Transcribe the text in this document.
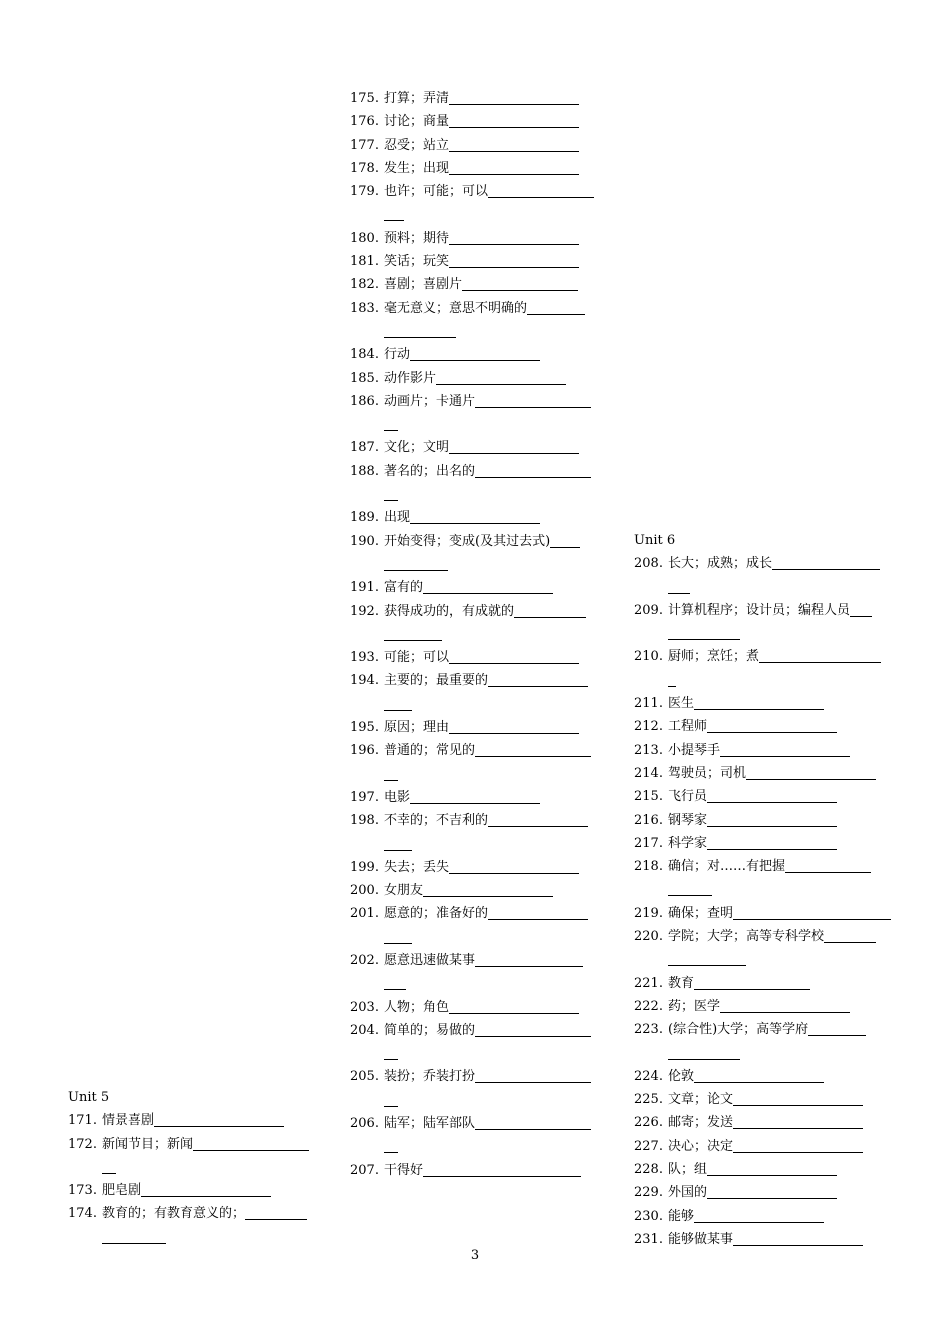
Unit 5
171. 情景喜剧
172. 新闻节目；新闻
173. 肥皂剧
174. 教育的；有教育意义的；
175. 打算；弄清
176. 讨论；商量
177. 忍受；站立
178. 发生；出现
179. 也许；可能；可以
180. 预料；期待
181. 笑话；玩笑
182. 喜剧；喜剧片
183. 毫无意义；意思不明确的
184. 行动
185. 动作影片
186. 动画片；卡通片
187. 文化；文明
188. 著名的；出名的
189. 出现
190. 开始变得；变成(及其过去式)
191. 富有的
192. 获得成功的，有成就的
193. 可能；可以
194. 主要的；最重要的
195. 原因；理由
196. 普通的；常见的
197. 电影
198. 不幸的；不吉利的
199. 失去；丢失
200. 女朋友
201. 愿意的；准备好的
202. 愿意迅速做某事
203. 人物；角色
204. 简单的；易做的
205. 装扮；乔装打扮
206. 陆军；陆军部队
207. 干得好
Unit 6
208. 长大；成熟；成长
209. 计算机程序；设计员；编程人员
210. 厨师；烹饪；煮
211. 医生
212. 工程师
213. 小提琴手
214. 驾驶员；司机
215. 飞行员
216. 钢琴家
217. 科学家
218. 确信；对……有把握
219. 确保；查明
220. 学院；大学；高等专科学校
221. 教育
222. 药；医学
223. (综合性)大学；高等学府
224. 伦敦
225. 文章；论文
226. 邮寄；发送
227. 决心；决定
228. 队；组
229. 外国的
230. 能够
231. 能够做某事
3
